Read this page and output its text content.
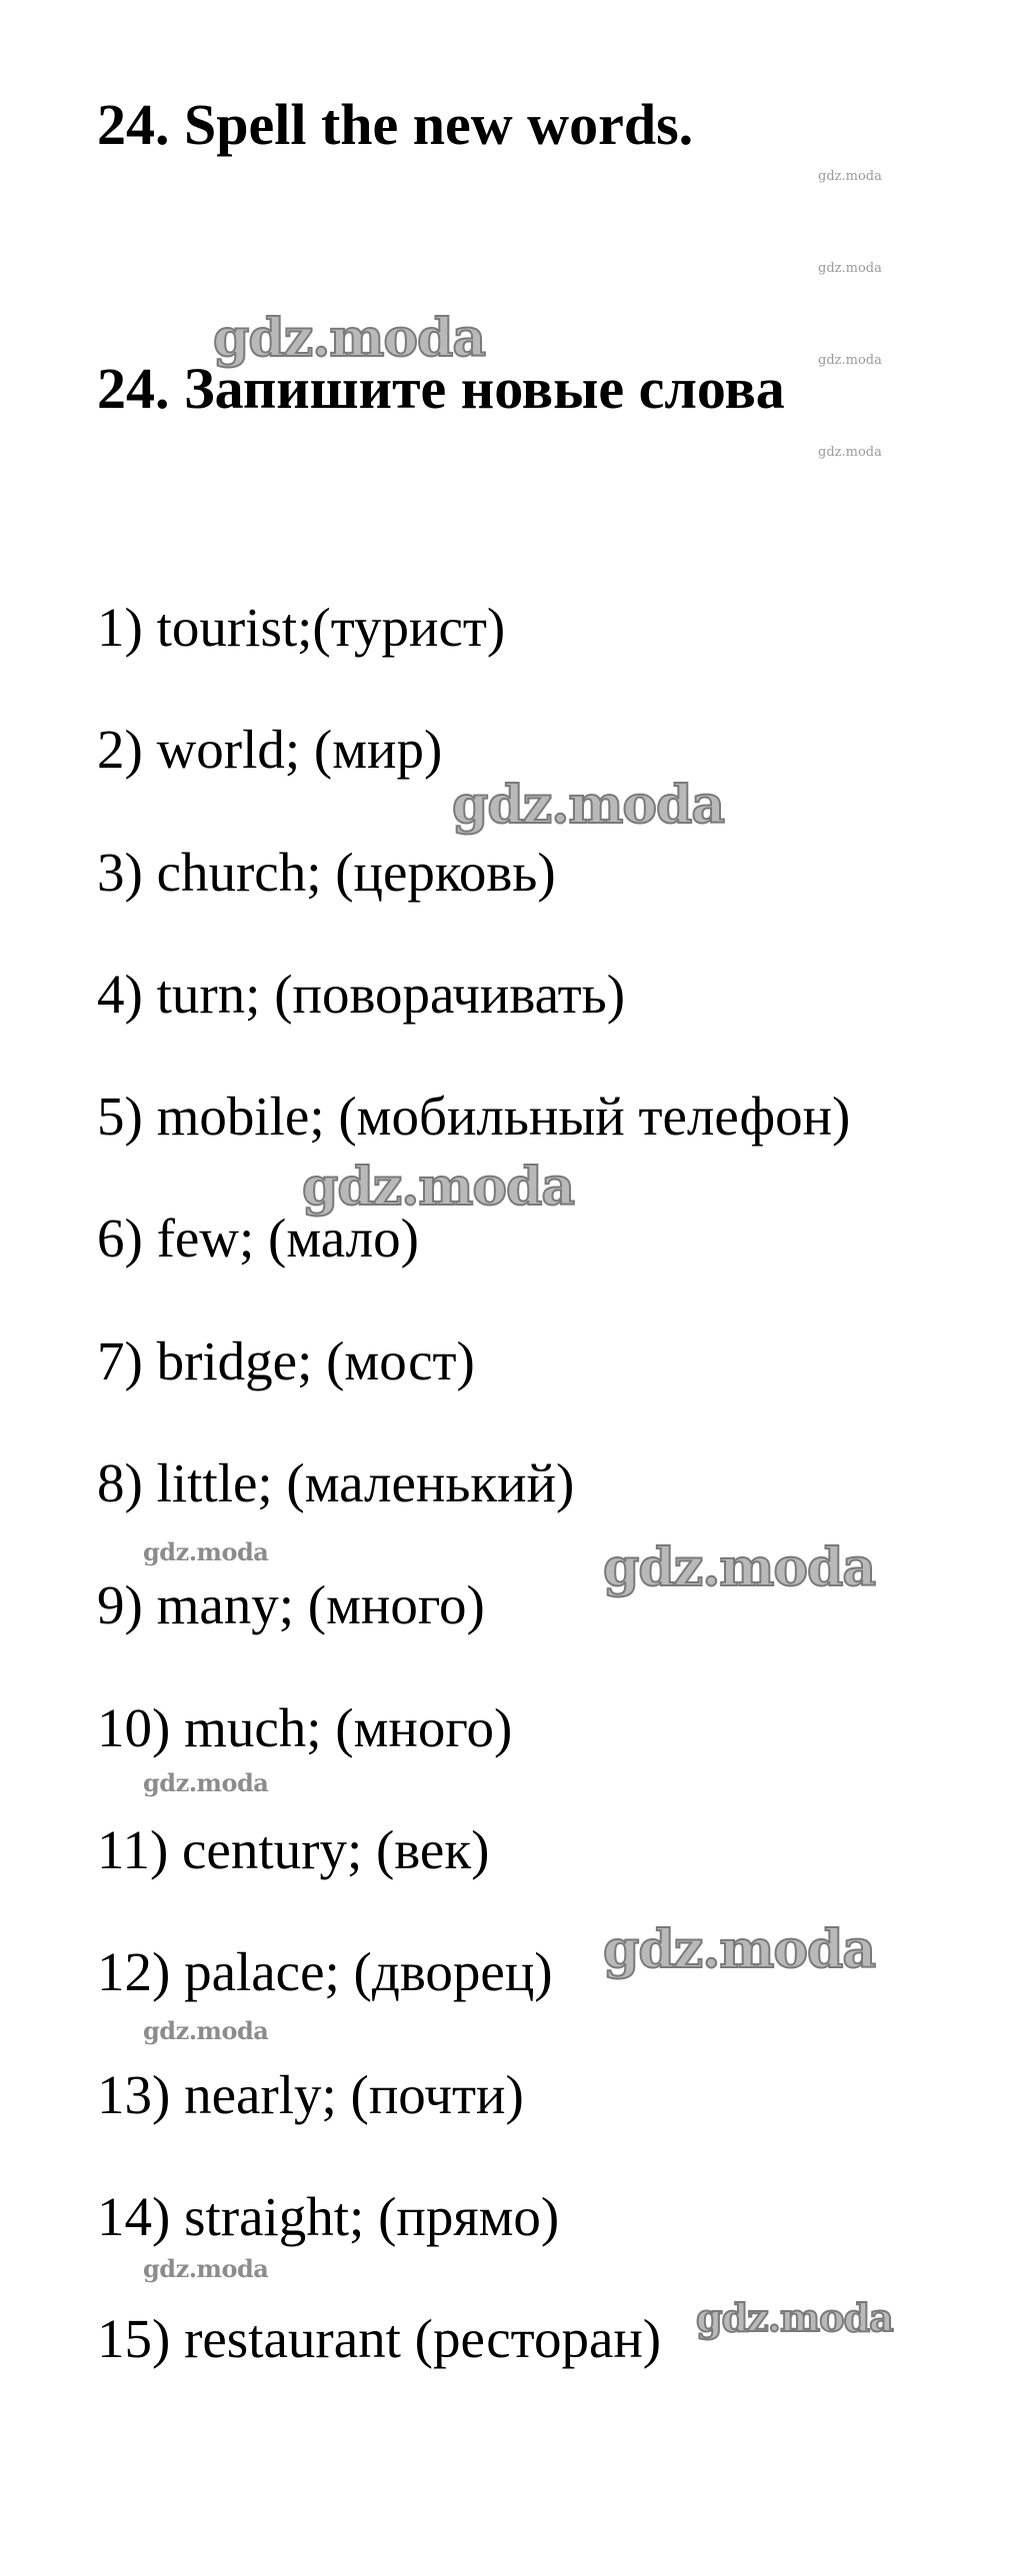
24. Spell the new words.
24. Запишите новые слова
1) tourist;(турист)
2) world; (мир)
3) church; (церковь)
4) turn; (поворачивать)
5) mobile; (мобильный телефон)
6) few; (мало)
7) bridge; (мост)
8) little; (маленький)
9) many; (много)
10) much; (много)
11) century; (век)
12) palace; (дворец)
13) nearly; (почти)
14) straight; (прямо)
15) restaurant (ресторан)
gdz.moda
gdz.moda
gdz.moda
gdz.moda
gdz.moda
gdz.moda
gdz.moda
gdz.moda
gdz.moda
gdz.moda
gdz.moda
gdz.moda
gdz.moda
gdz.moda
